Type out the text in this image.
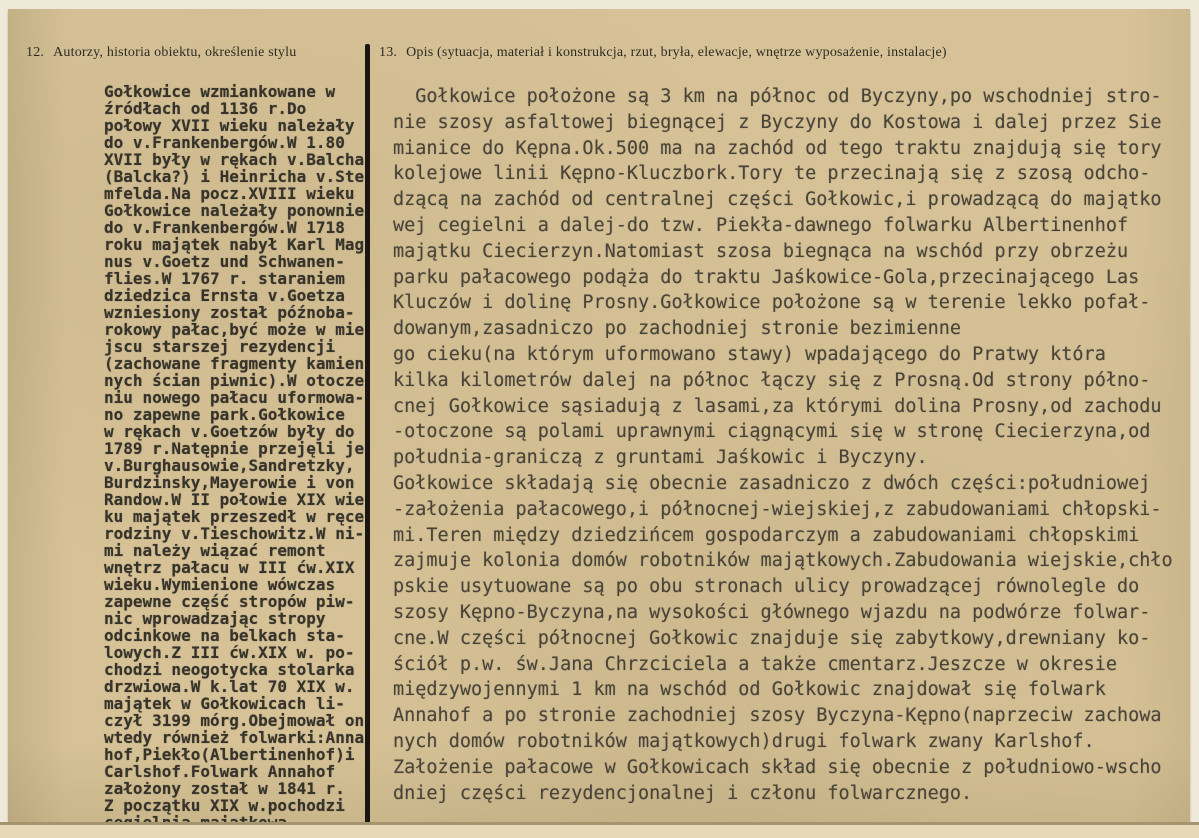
12. Autorzy, historia obiektu, określenie stylu	13. Opis (sytuacja, materiał i konstrukcja, rzut, bryła, elewacje, wnętrze wyposażenie, instalacje)
Gołkowice wzmiankowane w
źródłach od 1136 r.Do
połowy XVII wieku należały
do v.Frankenbergów.W 1.80
XVII były w rękach v.Balcha
(Balcka?) i Heinricha v.Ste
mfelda.Na pocz.XVIII wieku
Gołkowice należały ponownie
do v.Frankenbergów.W 1718
roku majątek nabył Karl Mag
nus v.Goetz und Schwanen-
flies.W 1767 r. staraniem
dziedzica Ernsta v.Goetza
wzniesiony został późnoba-
rokowy pałac,być może w mie
jscu starszej rezydencji
(zachowane fragmenty kamien
nych ścian piwnic).W otocze
niu nowego pałacu uformowa-
no zapewne park.Gołkowice
w rękach v.Goetzów były do
1789 r.Natępnie przejęli je
v.Burghausowie,Sandretzky,
Burdzinsky,Mayerowie i von
Randow.W II połowie XIX wie
ku majątek przeszedł w ręce
rodziny v.Tieschowitz.W ni-
mi należy wiązać remont
wnętrz pałacu w III ćw.XIX
wieku.Wymienione wówczas
zapewne część stropów piw-
nic wprowadzając stropy
odcinkowe na belkach sta-
lowych.Z III ćw.XIX w. po-
chodzi neogotycka stolarka
drzwiowa.W k.lat 70 XIX w.
majątek w Gołkowicach li-
czył 3199 mórg.Obejmował on
wtedy również folwarki:Anna
hof,Piekło(Albertinenhof)i
Carlshof.Folwark Annahof
założony został w 1841 r.
Z początku XIX w.pochodzi
Gołkowice położone są 3 km na północ od Byczyny,po wschodniej stro-
nie szosy asfaltowej biegnącej z Byczyny do Kostowa i dalej przez Sie
mianice do Kępna.Ok.500 ma na zachód od tego traktu znajdują się tory
kolejowe linii Kępno-Kluczbork.Tory te przecinają się z szosą odcho-
dzącą na zachód od centralnej części Gołkowic,i prowadzącą do majątko
wej cegielni a dalej-do tzw. Piekła-dawnego folwarku Albertinenhof
majątku Ciecierzyn.Natomiast szosa biegnąca na wschód przy obrzeżu
parku pałacowego podąża do traktu Jaśkowice-Gola,przecinającego Las
Kluczów i dolinę Prosny.Gołkowice położone są w terenie lekko pofał-
dowanym,zasadniczo po zachodniej stronie bezimienne
go cieku(na którym uformowano stawy) wpadającego do Pratwy która
kilka kilometrów dalej na północ łączy się z Prosną.Od strony półno-
cnej Gołkowice sąsiadują z lasami,za którymi dolina Prosny,od zachodu
-otoczone są polami uprawnymi ciągnącymi się w stronę Ciecierzyna,od
południa-graniczą z gruntami Jaśkowic i Byczyny.
Gołkowice składają się obecnie zasadniczo z dwóch części:południowej
-założenia pałacowego,i północnej-wiejskiej,z zabudowaniami chłopski-
mi.Teren między dziedzińcem gospodarczym a zabudowaniami chłopskimi
zajmuje kolonia domów robotników majątkowych.Zabudowania wiejskie,chło
pskie usytuowane są po obu stronach ulicy prowadzącej równolegle do
szosy Kępno-Byczyna,na wysokości głównego wjazdu na podwórze folwar-
cne.W części północnej Gołkowic znajduje się zabytkowy,drewniany ko-
ściół p.w. św.Jana Chrzciciela a także cmentarz.Jeszcze w okresie
międzywojennymi 1 km na wschód od Gołkowic znajdował się folwark
Annahof a po stronie zachodniej szosy Byczyna-Kępno(naprzeciw zachowa
nych domów robotników majątkowych)drugi folwark zwany Karlshof.
Założenie pałacowe w Gołkowicach skład się obecnie z południowo-wscho
dniej części rezydencjonalnej i członu folwarcznego.
